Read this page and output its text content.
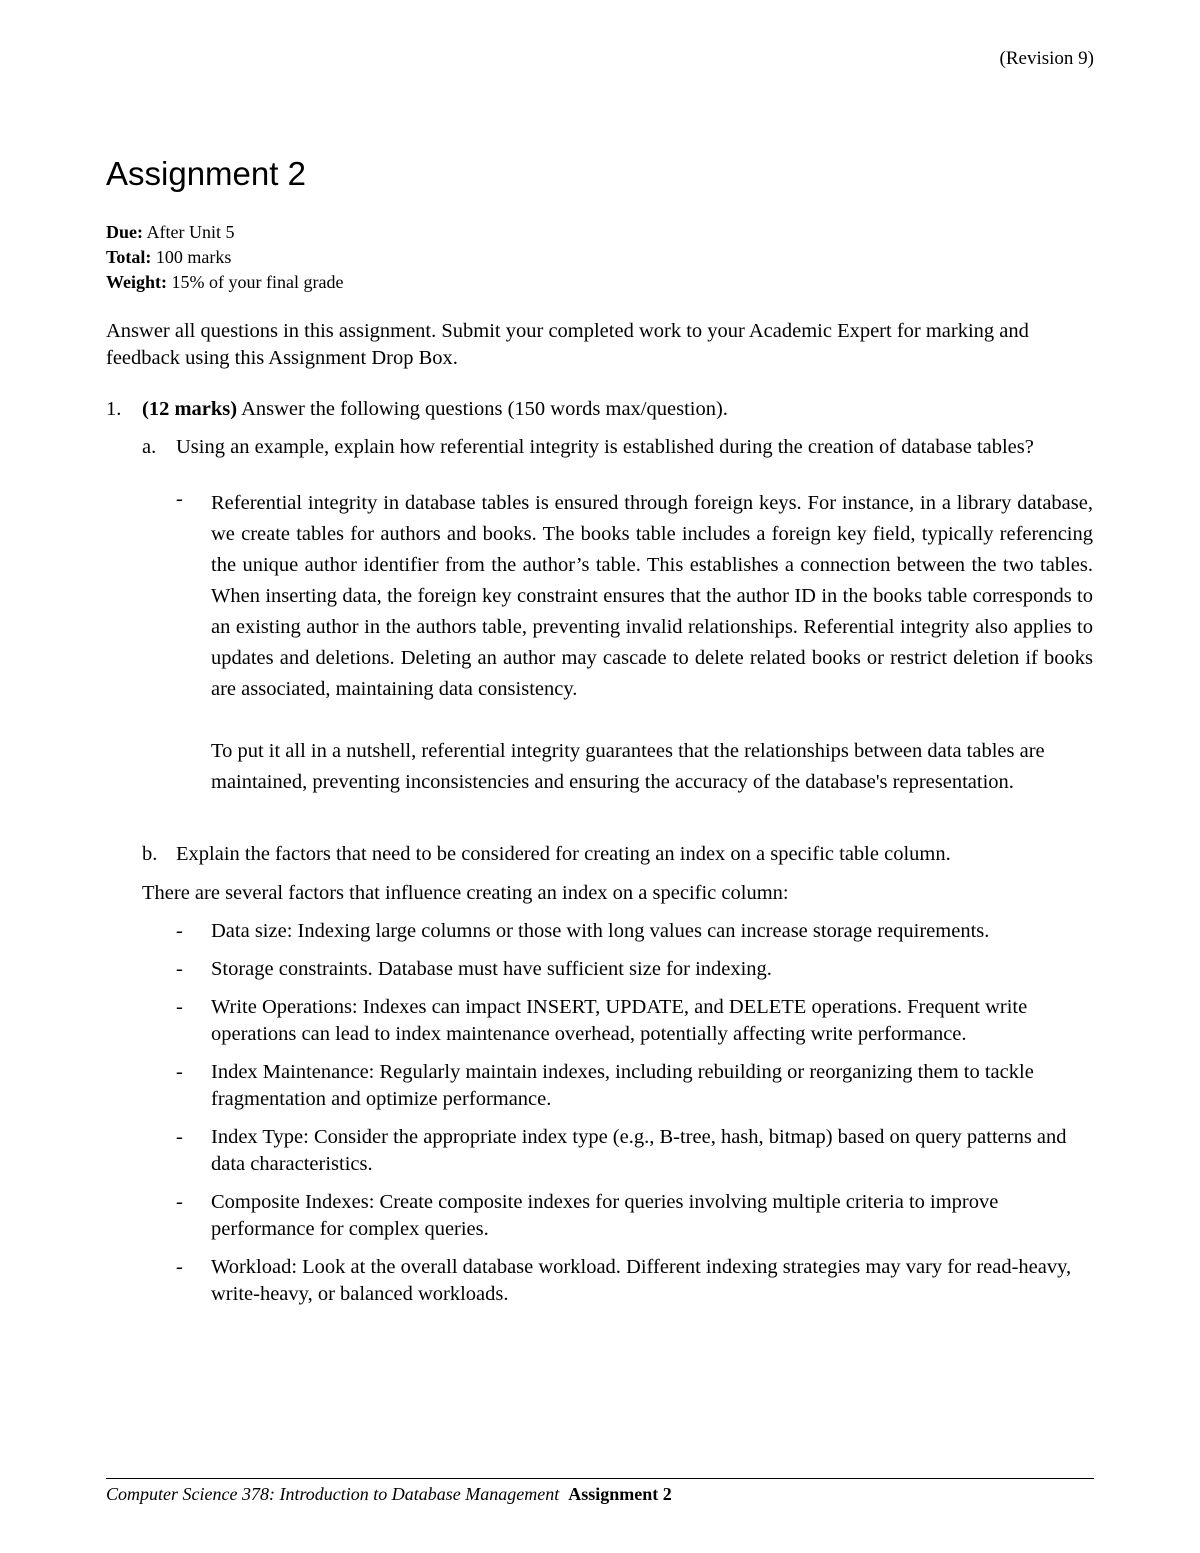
(Revision 9)
Assignment 2
Due: After Unit 5
Total: 100 marks
Weight: 15% of your final grade
Answer all questions in this assignment. Submit your completed work to your Academic Expert for marking and feedback using this Assignment Drop Box.
1. (12 marks) Answer the following questions (150 words max/question).
a. Using an example, explain how referential integrity is established during the creation of database tables?
- Referential integrity in database tables is ensured through foreign keys. For instance, in a library database, we create tables for authors and books. The books table includes a foreign key field, typically referencing the unique author identifier from the author’s table. This establishes a connection between the two tables. When inserting data, the foreign key constraint ensures that the author ID in the books table corresponds to an existing author in the authors table, preventing invalid relationships. Referential integrity also applies to updates and deletions. Deleting an author may cascade to delete related books or restrict deletion if books are associated, maintaining data consistency.
To put it all in a nutshell, referential integrity guarantees that the relationships between data tables are maintained, preventing inconsistencies and ensuring the accuracy of the database's representation.
b. Explain the factors that need to be considered for creating an index on a specific table column.
There are several factors that influence creating an index on a specific column:
- Data size: Indexing large columns or those with long values can increase storage requirements.
- Storage constraints. Database must have sufficient size for indexing.
- Write Operations: Indexes can impact INSERT, UPDATE, and DELETE operations. Frequent write operations can lead to index maintenance overhead, potentially affecting write performance.
- Index Maintenance: Regularly maintain indexes, including rebuilding or reorganizing them to tackle fragmentation and optimize performance.
- Index Type: Consider the appropriate index type (e.g., B-tree, hash, bitmap) based on query patterns and data characteristics.
- Composite Indexes: Create composite indexes for queries involving multiple criteria to improve performance for complex queries.
- Workload: Look at the overall database workload. Different indexing strategies may vary for read-heavy, write-heavy, or balanced workloads.
Computer Science 378: Introduction to Database Management Assignment 2
